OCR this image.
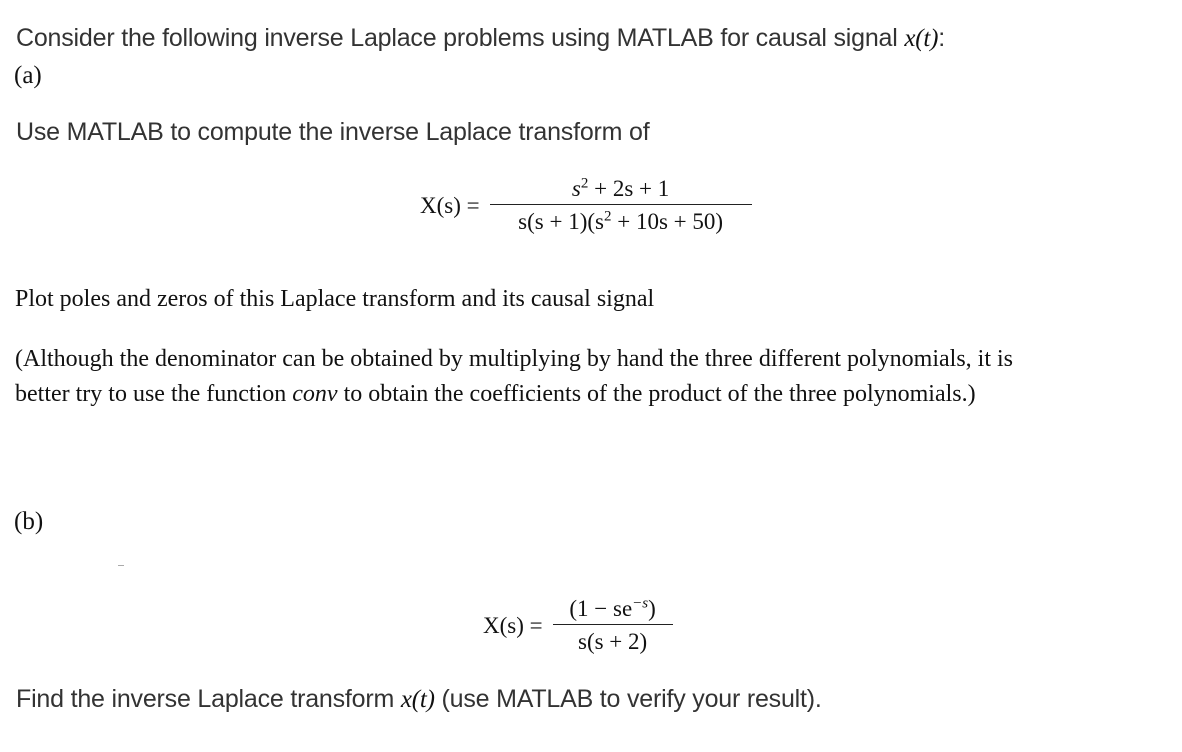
Consider the following inverse Laplace problems using MATLAB for causal signal x(t):
(a)
Use MATLAB to compute the inverse Laplace transform of
$X(s) = \frac{s^2 + 2s + 1}{s(s + 1)(s^2 + 10s + 50)}$
Plot poles and zeros of this Laplace transform and its causal signal
(Although the denominator can be obtained by multiplying by hand the three different polynomials, it is
better try to use the function conv to obtain the coefficients of the product of the three polynomials.)
(b)
$X(s) = \frac{(1 - se^{-s})}{s(s + 2)}$
Find the inverse Laplace transform x(t) (use MATLAB to verify your result).
